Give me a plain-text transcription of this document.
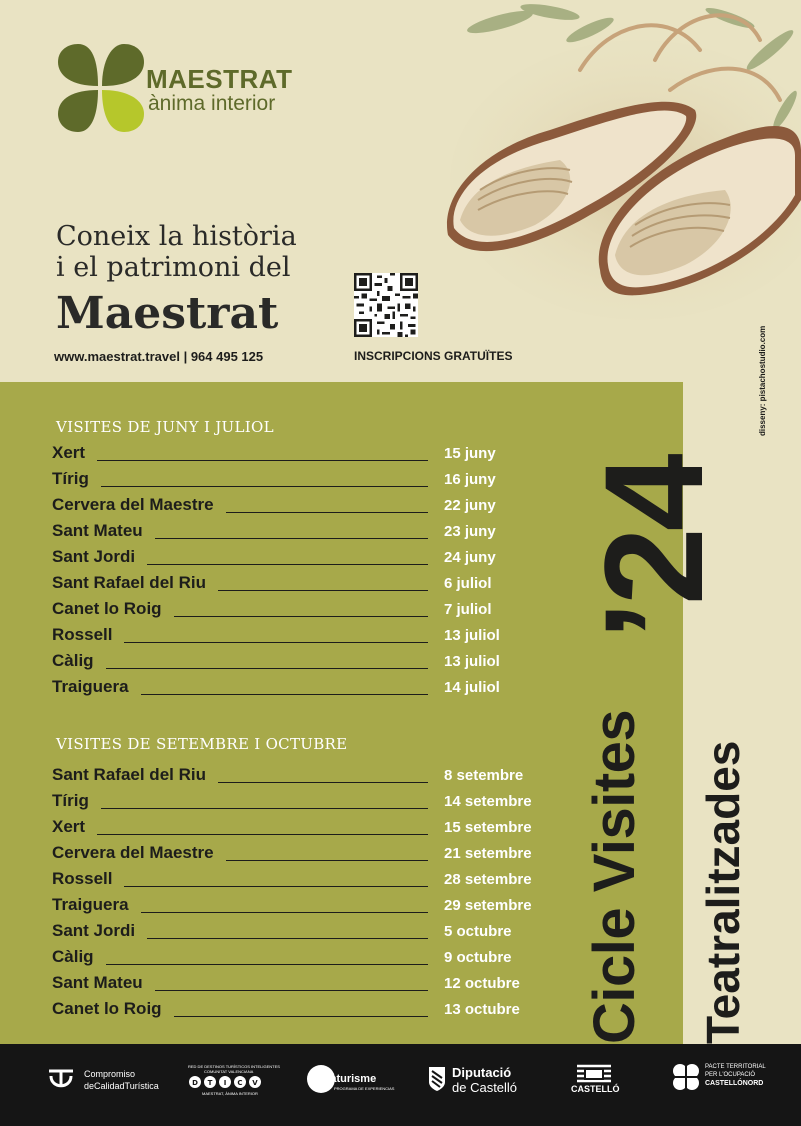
MAESTRAT
ànima interior
Coneix la història
i el patrimoni del
Maestrat
www.maestrat.travel | 964 495 125	INSCRIPCIONS GRATUÏTES
VISITES DE JUNY I JULIOL
Xert	15 juny
Tírig	16 juny
Cervera del Maestre	22 juny
Sant Mateu	23 juny
Sant Jordi	24 juny
Sant Rafael del Riu	6 juliol
Canet lo Roig	7 juliol
Rossell	13 juliol
Càlig	13 juliol
Traiguera	14 juliol
VISITES DE SETEMBRE I OCTUBRE
Sant Rafael del Riu	8 setembre
Tírig	14 setembre
Xert	15 setembre
Cervera del Maestre	21 setembre
Rossell	28 setembre
Traiguera	29 setembre
Sant Jordi	5 octubre
Càlig	9 octubre
Sant Mateu	12 octubre
Canet lo Roig	13 octubre
’24
Cicle Visites Teatralitzades
disseny: pistachostudio.com
Compromiso
deCalidadTurística
RED DE DESTINOS TURÍSTICOS INTELIGENTES
COMUNITAT VALENCIANA
D T I C V
MAESTRAT, ÀNIMA INTERIOR
Creaturisme
PROGRAMA DE EXPERIENCIAS
Diputació
de Castelló	CASTELLÓ
PACTE TERRITORIAL
PER L'OCUPACIÓ
CASTELLÓNORD
